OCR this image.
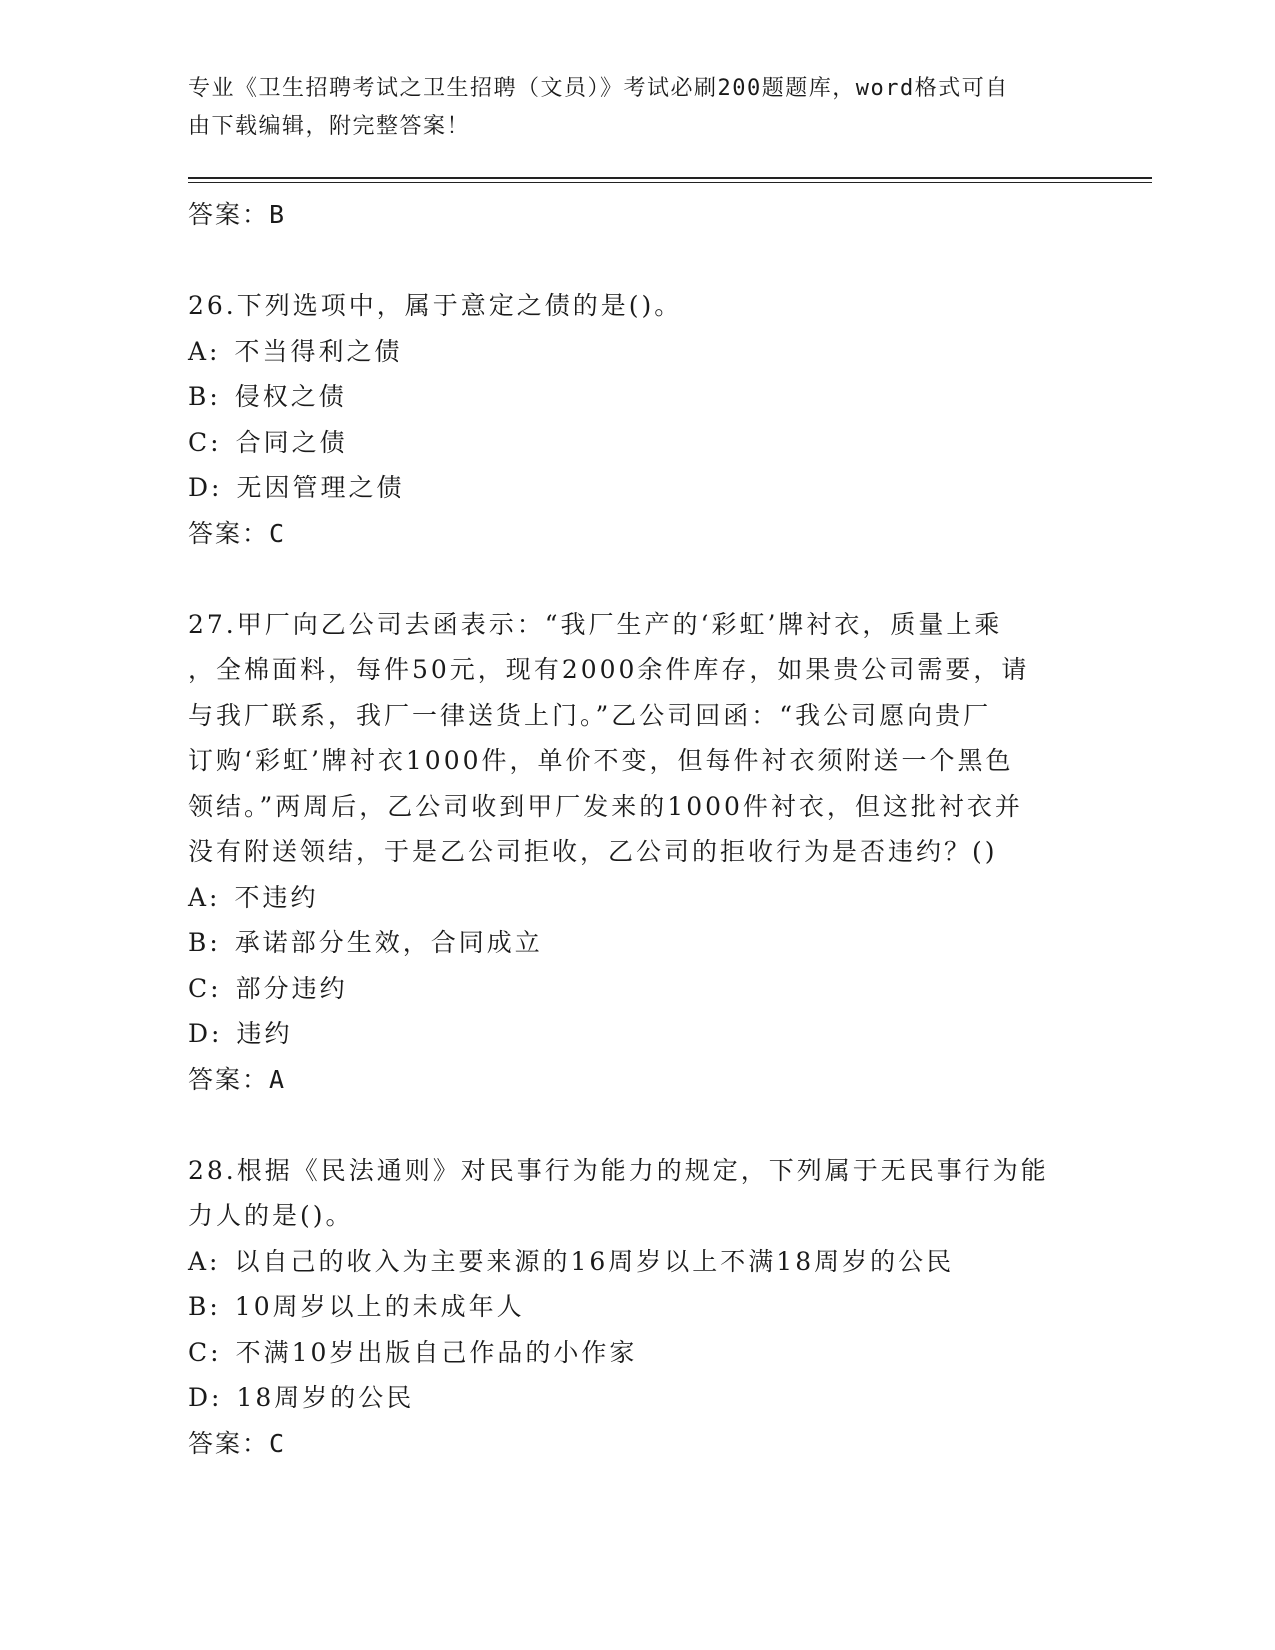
专业《卫生招聘考试之卫生招聘（文员）》考试必刷200题题库，word格式可自
由下载编辑，附完整答案！
答案：B
26.下列选项中，属于意定之债的是()。
A: 不当得利之债
B: 侵权之债
C: 合同之债
D: 无因管理之债
答案：C
27.甲厂向乙公司去函表示：“我厂生产的‘彩虹’牌衬衣，质量上乘
，全棉面料，每件50元，现有2000余件库存，如果贵公司需要，请
与我厂联系，我厂一律送货上门。”乙公司回函：“我公司愿向贵厂
订购‘彩虹’牌衬衣1000件，单价不变，但每件衬衣须附送一个黑色
领结。”两周后，乙公司收到甲厂发来的1000件衬衣，但这批衬衣并
没有附送领结，于是乙公司拒收，乙公司的拒收行为是否违约？()
A: 不违约
B: 承诺部分生效，合同成立
C: 部分违约
D: 违约
答案：A
28.根据《民法通则》对民事行为能力的规定，下列属于无民事行为能
力人的是()。
A: 以自己的收入为主要来源的16周岁以上不满18周岁的公民
B: 10周岁以上的未成年人
C: 不满10岁出版自己作品的小作家
D: 18周岁的公民
答案：C
